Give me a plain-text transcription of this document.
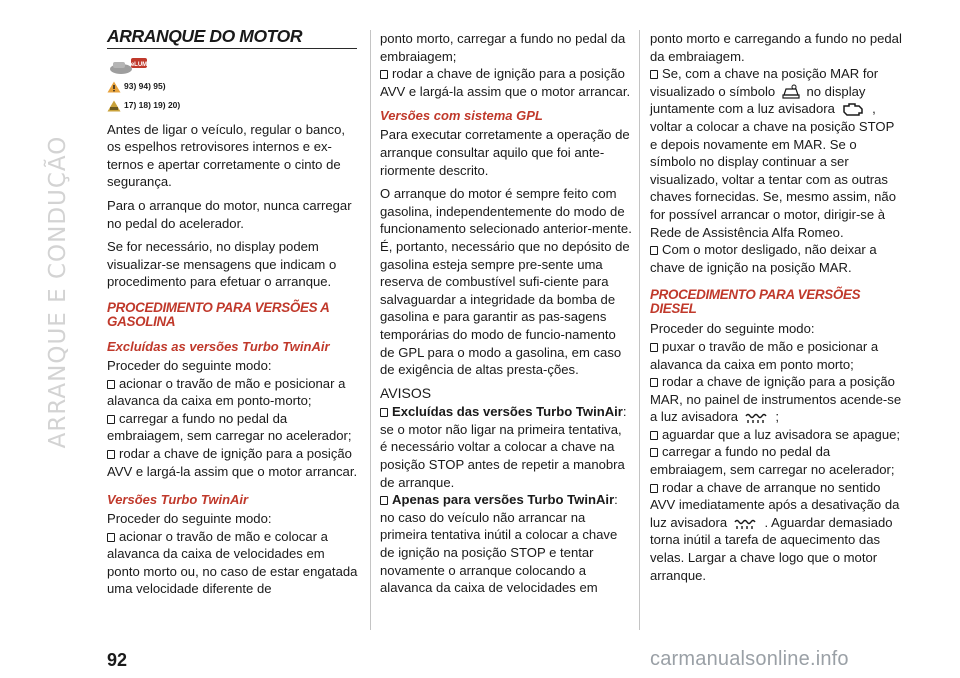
ARRANQUE E CONDUÇÃO
ARRANQUE DO MOTOR
eLUM
93) 94) 95)
17) 18) 19) 20)

Antes de ligar o veículo, regular o banco, os espelhos retrovisores internos e ex-ternos e apertar corretamente o cinto de segurança.

Para o arranque do motor, nunca carregar no pedal do acelerador.

Se for necessário, no display podem visualizar-se mensagens que indicam o procedimento para efetuar o arranque.

PROCEDIMENTO PARA VERSÕES A GASOLINA
Excluídas as versões Turbo TwinAir

Proceder do seguinte modo:

acionar o travão de mão e posicionar a alavanca da caixa em ponto-morto;
carregar a fundo no pedal da embraiagem, sem carregar no acelerador;
rodar a chave de ignição para a posição AVV e largá-la assim que o motor arrancar.
Versões Turbo TwinAir

Proceder do seguinte modo:

acionar o travão de mão e colocar a alavanca da caixa de velocidades em ponto morto ou, no caso de estar engatada uma velocidade diferente de
ponto morto, carregar a fundo no pedal da embraiagem;
rodar a chave de ignição para a posição AVV e largá-la assim que o motor arrancar.
Versões com sistema GPL

Para executar corretamente a operação de arranque consultar aquilo que foi ante-riormente descrito.

O arranque do motor é sempre feito com gasolina, independentemente do modo de funcionamento selecionado anterior-mente. É, portanto, necessário que no depósito de gasolina esteja sempre pre-sente uma reserva de combustível sufi-ciente para salvaguardar a integridade da bomba de gasolina e para garantir as pas-sagens temporárias do modo de funcio-namento de GPL para o modo a gasolina, em caso de exigência de altas presta-ções.

AVISOS
Excluídas das versões Turbo TwinAir: se o motor não ligar na primeira tentativa, é necessário voltar a colocar a chave na posição STOP antes de repetir a manobra de arranque.
Apenas para versões Turbo TwinAir: no caso do veículo não arrancar na primeira tentativa inútil a colocar a chave de ignição na posição STOP e tentar novamente o arranque colocando a alavanca da caixa de velocidades em
ponto morto e carregando a fundo no pedal da embraiagem.
Se, com a chave na posição MAR for visualizado o símbolo no display juntamente com a luz avisadora	, voltar a colocar a chave na posição STOP e depois novamente em MAR. Se o símbolo no display continuar a ser visualizado, voltar a tentar com as outras chaves fornecidas. Se, mesmo assim, não for possível arrancar o motor, dirigir-se à Rede de Assistência Alfa Romeo.
Com o motor desligado, não deixar a chave de ignição na posição MAR.
PROCEDIMENTO PARA VERSÕES DIESEL

Proceder do seguinte modo:

puxar o travão de mão e posicionar a alavanca da caixa em ponto morto;
rodar a chave de ignição para a posição MAR, no painel de instrumentos acende-se a luz avisadora	;
aguardar que a luz avisadora se apague;
carregar a fundo no pedal da embraiagem, sem carregar no acelerador;
rodar a chave de arranque no sentido AVV imediatamente após a desativação da luz avisadora	. Aguardar demasiado torna inútil a tarefa de aquecimento das velas. Largar a chave logo que o motor arranque.
92	carmanualsonline.info
